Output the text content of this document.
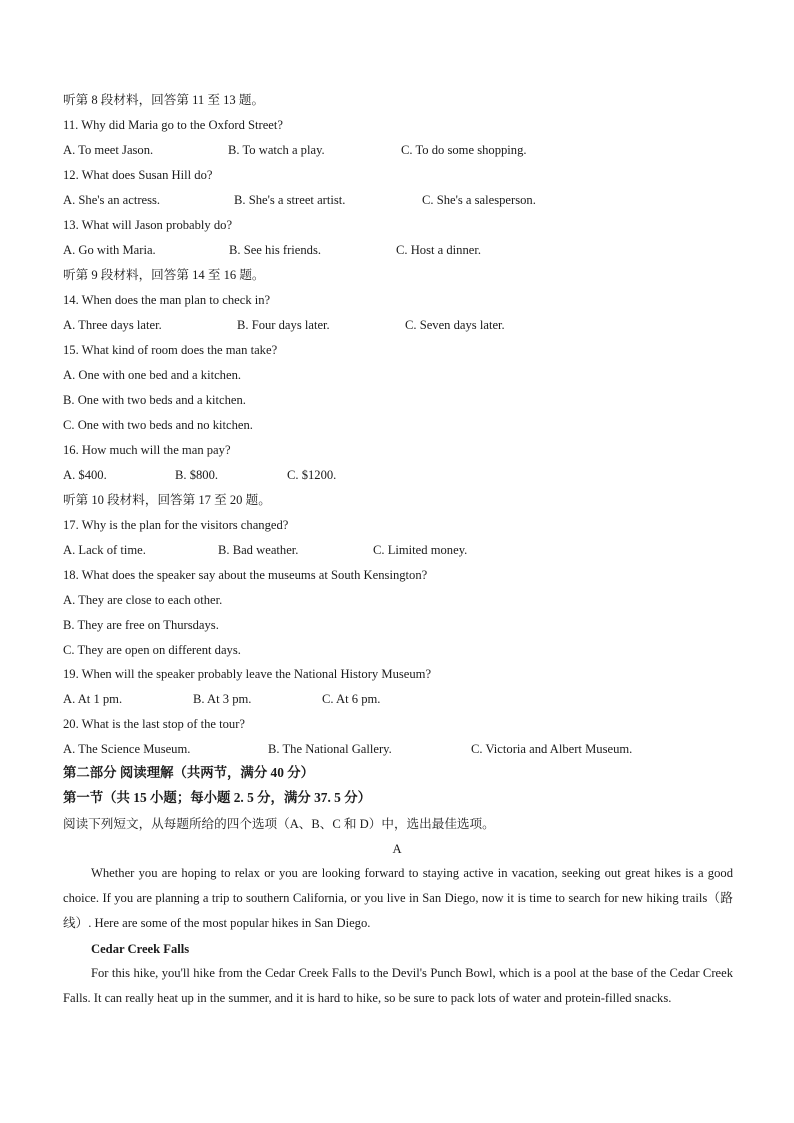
听第 8 段材料，回答第 11 至 13 题。
11. Why did Maria go to the Oxford Street?
A. To meet Jason.	B. To watch a play.	C. To do some shopping.
12. What does Susan Hill do?
A. She's an actress.	B. She's a street artist.	C. She's a salesperson.
13. What will Jason probably do?
A. Go with Maria.	B. See his friends.	C. Host a dinner.
听第 9 段材料，回答第 14 至 16 题。
14. When does the man plan to check in?
A. Three days later.	B. Four days later.	C. Seven days later.
15. What kind of room does the man take?
A. One with one bed and a kitchen.
B. One with two beds and a kitchen.
C. One with two beds and no kitchen.
16. How much will the man pay?
A. $400.	B. $800.	C. $1200.
听第 10 段材料，回答第 17 至 20 题。
17. Why is the plan for the visitors changed?
A. Lack of time.	B. Bad weather.	C. Limited money.
18. What does the speaker say about the museums at South Kensington?
A. They are close to each other.
B. They are free on Thursdays.
C. They are open on different days.
19. When will the speaker probably leave the National History Museum?
A. At 1 pm.	B. At 3 pm.	C. At 6 pm.
20. What is the last stop of the tour?
A. The Science Museum.	B. The National Gallery.	C. Victoria and Albert Museum.
第二部分 阅读理解（共两节，满分 40 分）
第一节（共 15 小题；每小题 2. 5 分，满分 37. 5 分）
阅读下列短文，从每题所给的四个选项（A、B、C 和 D）中，选出最佳选项。
A
Whether you are hoping to relax or you are looking forward to staying active in vacation, seeking out great hikes is a good choice. If you are planning a trip to southern California, or you live in San Diego, now it is time to search for new hiking trails（路线）. Here are some of the most popular hikes in San Diego.
Cedar Creek Falls
For this hike, you'll hike from the Cedar Creek Falls to the Devil's Punch Bowl, which is a pool at the base of the Cedar Creek Falls. It can really heat up in the summer, and it is hard to hike, so be sure to pack lots of water and protein-filled snacks.
